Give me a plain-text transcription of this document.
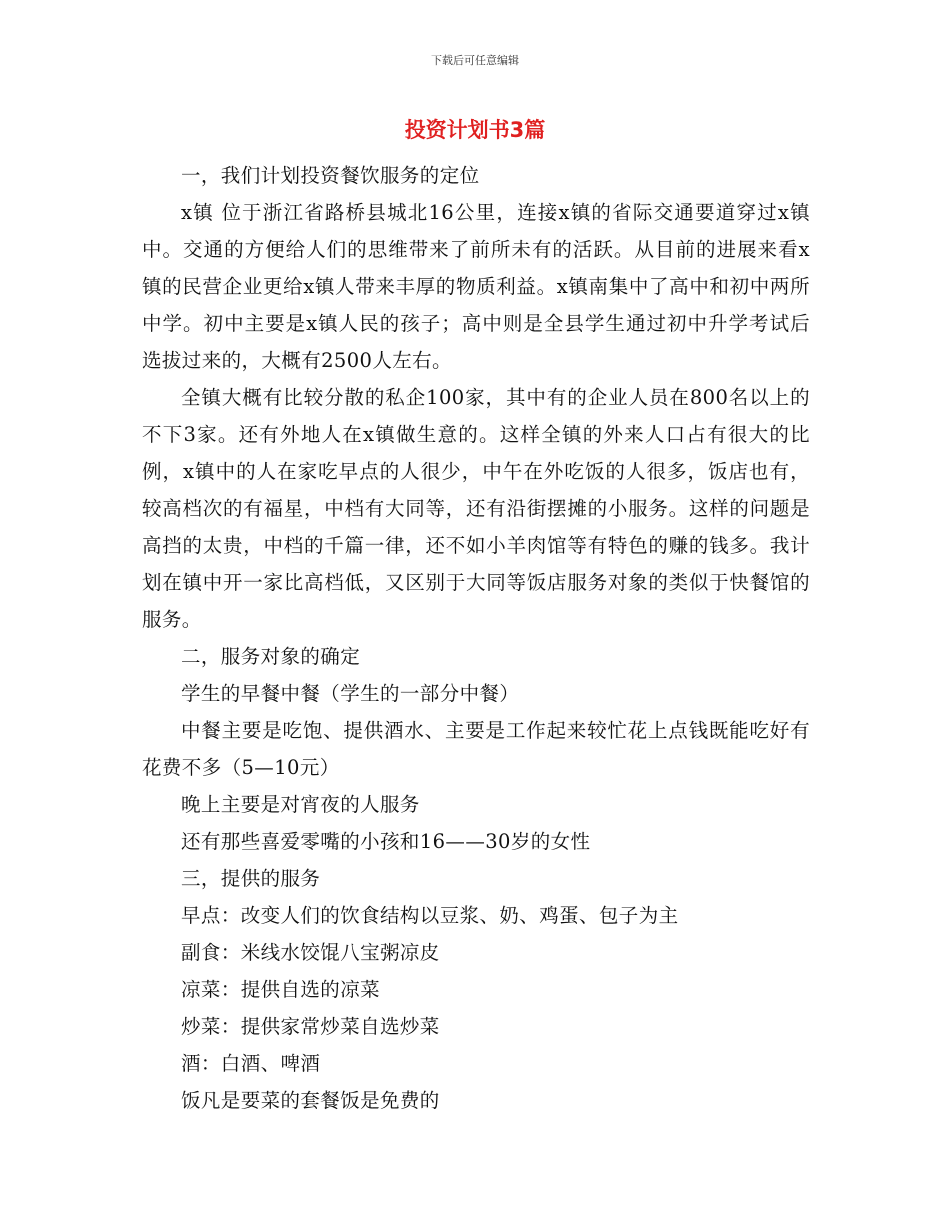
下载后可任意编辑
投资计划书3篇

一，我们计划投资餐饮服务的定位

x镇 位于浙江省路桥县城北16公里，连接x镇的省际交通要道穿过x镇中。交通的方便给人们的思维带来了前所未有的活跃。从目前的进展来看x镇的民营企业更给x镇人带来丰厚的物质利益。x镇南集中了高中和初中两所中学。初中主要是x镇人民的孩子；高中则是全县学生通过初中升学考试后选拔过来的，大概有2500人左右。

全镇大概有比较分散的私企100家，其中有的企业人员在800名以上的不下3家。还有外地人在x镇做生意的。这样全镇的外来人口占有很大的比例，x镇中的人在家吃早点的人很少，中午在外吃饭的人很多，饭店也有，较高档次的有福星，中档有大同等，还有沿街摆摊的小服务。这样的问题是高挡的太贵，中档的千篇一律，还不如小羊肉馆等有特色的赚的钱多。我计划在镇中开一家比高档低，又区别于大同等饭店服务对象的类似于快餐馆的服务。

二，服务对象的确定

学生的早餐中餐（学生的一部分中餐）

中餐主要是吃饱、提供酒水、主要是工作起来较忙花上点钱既能吃好有花费不多（5—10元）

晚上主要是对宵夜的人服务

还有那些喜爱零嘴的小孩和16——30岁的女性

三，提供的服务

早点：改变人们的饮食结构以豆浆、奶、鸡蛋、包子为主

副食：米线水饺馄八宝粥凉皮

凉菜：提供自选的凉菜

炒菜：提供家常炒菜自选炒菜

酒：白酒、啤酒

饭凡是要菜的套餐饭是免费的
